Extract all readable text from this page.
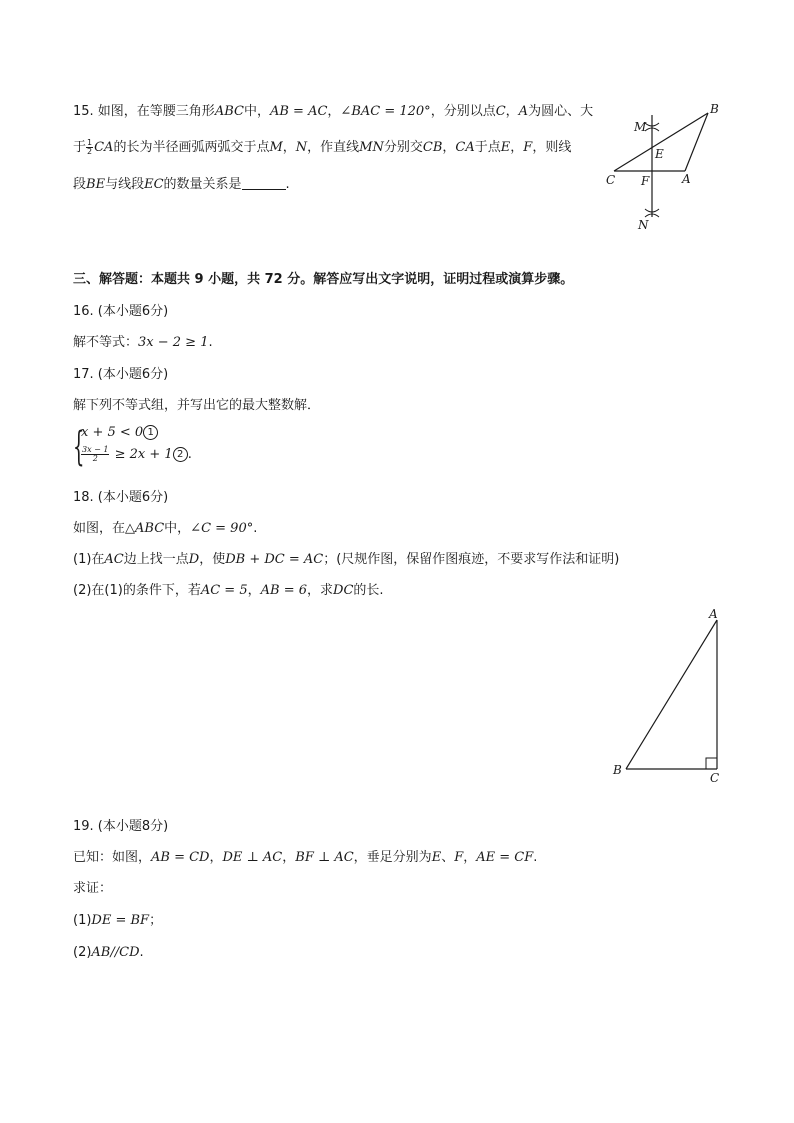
15. 如图，在等腰三角形ABC中，AB = AC，∠BAC = 120°，分别以点C，A为圆心、大
于 $\frac{1}{2}$ CA的长为半径画弧两弧交于点M，N，作直线MN分别交CB，CA于点E，F，则线
段BE与线段EC的数量关系是	.
M
B
E
C F	A
N
三、解答题：本题共 9 小题，共 72 分。解答应写出文字说明，证明过程或演算步骤。
16. (本小题6分)
解不等式：3x − 2 ≥ 1.
17. (本小题6分)
解下列不等式组，并写出它的最大整数解．
{
x + 5 < 0 1
$\frac{3x - 1}{2} \ge 2x + 1$ 2 .
18. (本小题6分)
如图，在△ABC中，∠C = 90°.
(1)在AC边上找一点D，使DB + DC = AC；(尺规作图，保留作图痕迹，不要求写作法和证明)
(2)在(1)的条件下，若AC = 5，AB = 6，求DC的长.
A
B
C
19. (本小题8分)
已知：如图，AB = CD，DE ⊥ AC，BF ⊥ AC，垂足分别为E、F，AE = CF.
求证：
(1)DE = BF；
(2)AB//CD.
